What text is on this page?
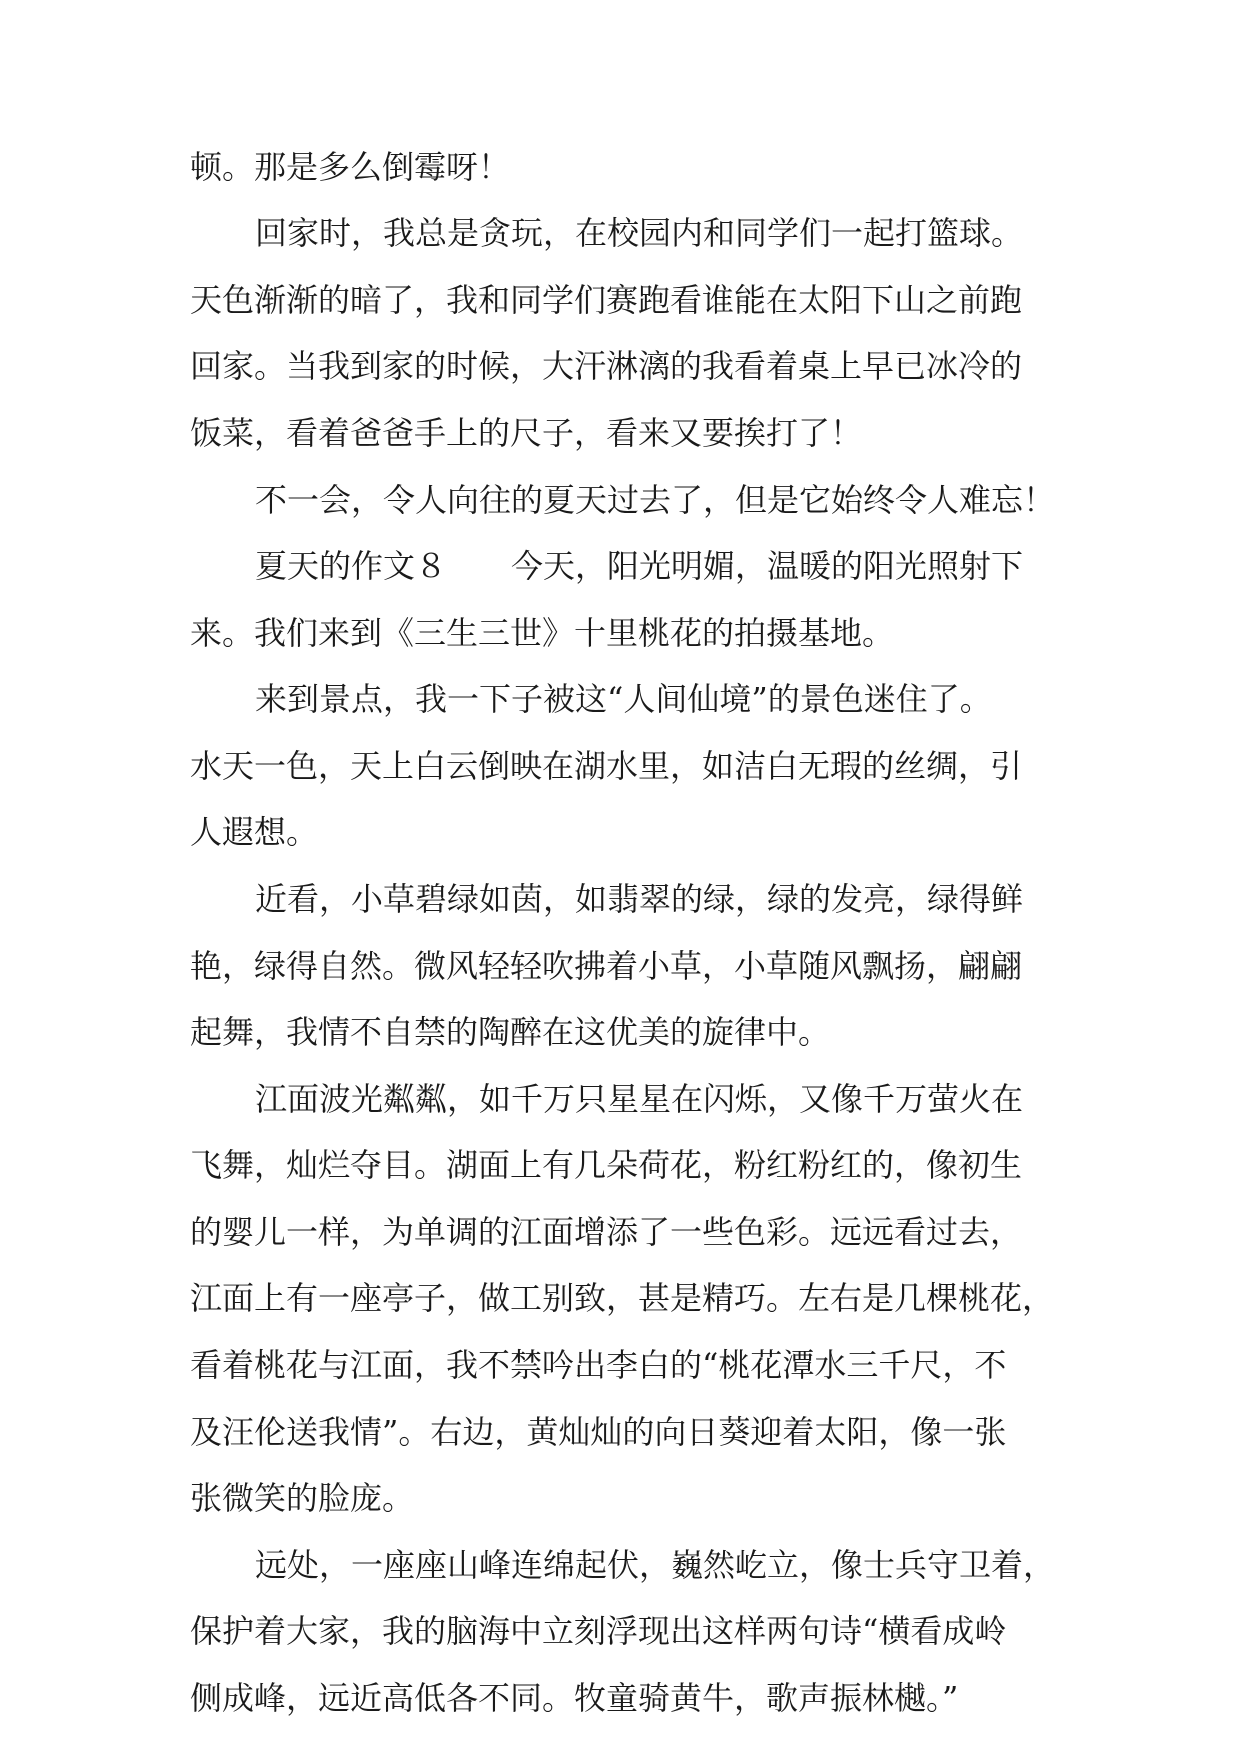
顿。那是多么倒霉呀！

回家时，我总是贪玩，在校园内和同学们一起打篮球。

天色渐渐的暗了，我和同学们赛跑看谁能在太阳下山之前跑

回家。当我到家的时候，大汗淋漓的我看着桌上早已冰冷的

饭菜，看着爸爸手上的尺子，看来又要挨打了！

不一会，令人向往的夏天过去了，但是它始终令人难忘！

夏天的作文８　　今天，阳光明媚，温暖的阳光照射下

来。我们来到《三生三世》十里桃花的拍摄基地。

来到景点，我一下子被这“人间仙境”的景色迷住了。

水天一色，天上白云倒映在湖水里，如洁白无瑕的丝绸，引

人遐想。

近看，小草碧绿如茵，如翡翠的绿，绿的发亮，绿得鲜

艳，绿得自然。微风轻轻吹拂着小草，小草随风飘扬，翩翩

起舞，我情不自禁的陶醉在这优美的旋律中。

江面波光粼粼，如千万只星星在闪烁，又像千万萤火在

飞舞，灿烂夺目。湖面上有几朵荷花，粉红粉红的，像初生

的婴儿一样，为单调的江面增添了一些色彩。远远看过去，

江面上有一座亭子，做工别致，甚是精巧。左右是几棵桃花，

看着桃花与江面，我不禁吟出李白的“桃花潭水三千尺，不

及汪伦送我情”。右边，黄灿灿的向日葵迎着太阳，像一张

张微笑的脸庞。

远处，一座座山峰连绵起伏，巍然屹立，像士兵守卫着，

保护着大家，我的脑海中立刻浮现出这样两句诗“横看成岭

侧成峰，远近高低各不同。牧童骑黄牛，歌声振林樾。”
